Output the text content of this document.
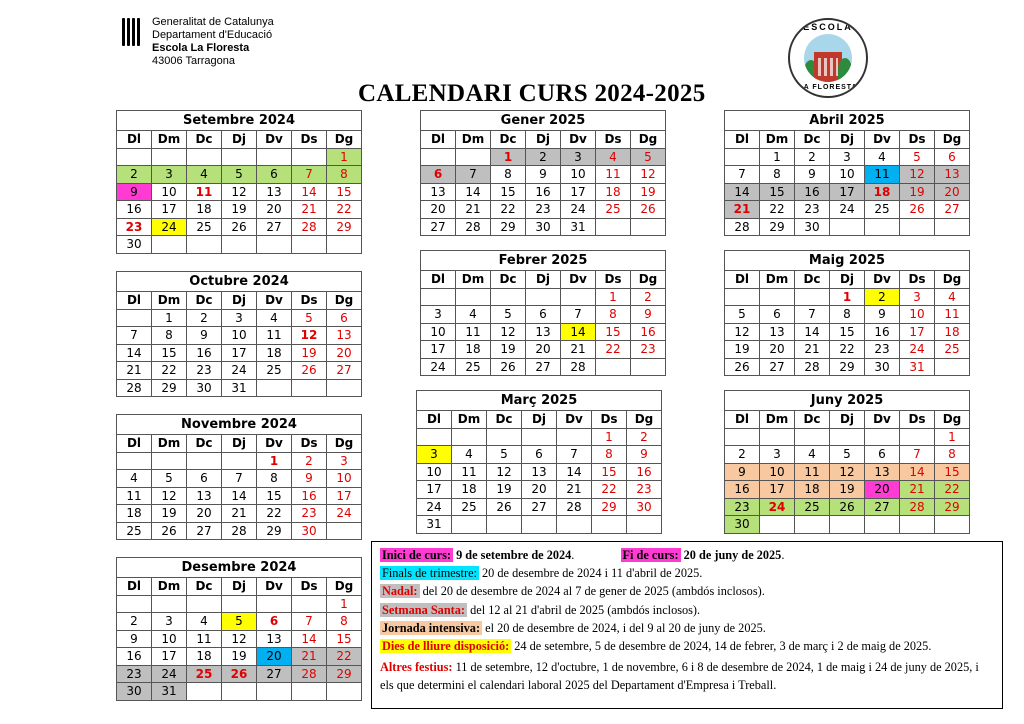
Generalitat de Catalunya
Departament d'Educació
Escola La Floresta
43006 Tarragona
ESCOLA
LA FLORESTA
CALENDARI CURS 2024-2025
Setembre 2024						
Dl	Dm	Dc	Dj	Dv	Ds	Dg
						1
2	3	4	5	6	7	8
9	10	11	12	13	14	15
16	17	18	19	20	21	22
23	24	25	26	27	28	29
30						
Octubre 2024						
Dl	Dm	Dc	Dj	Dv	Ds	Dg
	1	2	3	4	5	6
7	8	9	10	11	12	13
14	15	16	17	18	19	20
21	22	23	24	25	26	27
28	29	30	31			
Novembre 2024						
Dl	Dm	Dc	Dj	Dv	Ds	Dg
				1	2	3
4	5	6	7	8	9	10
11	12	13	14	15	16	17
18	19	20	21	22	23	24
25	26	27	28	29	30	
Desembre 2024						
Dl	Dm	Dc	Dj	Dv	Ds	Dg
						1
2	3	4	5	6	7	8
9	10	11	12	13	14	15
16	17	18	19	20	21	22
23	24	25	26	27	28	29
30	31					
Gener 2025						
Dl	Dm	Dc	Dj	Dv	Ds	Dg
		1	2	3	4	5
6	7	8	9	10	11	12
13	14	15	16	17	18	19
20	21	22	23	24	25	26
27	28	29	30	31		
Febrer 2025						
Dl	Dm	Dc	Dj	Dv	Ds	Dg
					1	2
3	4	5	6	7	8	9
10	11	12	13	14	15	16
17	18	19	20	21	22	23
24	25	26	27	28		
Març 2025						
Dl	Dm	Dc	Dj	Dv	Ds	Dg
					1	2
3	4	5	6	7	8	9
10	11	12	13	14	15	16
17	18	19	20	21	22	23
24	25	26	27	28	29	30
31						
Abril 2025						
Dl	Dm	Dc	Dj	Dv	Ds	Dg
	1	2	3	4	5	6
7	8	9	10	11	12	13
14	15	16	17	18	19	20
21	22	23	24	25	26	27
28	29	30				
Maig 2025						
Dl	Dm	Dc	Dj	Dv	Ds	Dg
			1	2	3	4
5	6	7	8	9	10	11
12	13	14	15	16	17	18
19	20	21	22	23	24	25
26	27	28	29	30	31	
Juny 2025						
Dl	Dm	Dc	Dj	Dv	Ds	Dg
						1
2	3	4	5	6	7	8
9	10	11	12	13	14	15
16	17	18	19	20	21	22
23	24	25	26	27	28	29
30						
Inici de curs: 9 de setembre de 2024.	Fi de curs: 20 de juny de 2025.
Finals de trimestre: 20 de desembre de 2024 i 11 d'abril de 2025.
Nadal: del 20 de desembre de 2024 al 7 de gener de 2025 (ambdós inclosos).
Setmana Santa: del 12 al 21 d'abril de 2025 (ambdós inclosos).
Jornada intensiva: el 20 de desembre de 2024, i del 9 al 20 de juny de 2025.
Dies de lliure disposició: 24 de setembre, 5 de desembre de 2024, 14 de febrer, 3 de març i 2 de maig de 2025.
Altres festius: 11 de setembre, 12 d'octubre, 1 de novembre, 6 i 8 de desembre de 2024, 1 de maig i 24 de juny de 2025, i els que determini el calendari laboral 2025 del Departament d'Empresa i Treball.
